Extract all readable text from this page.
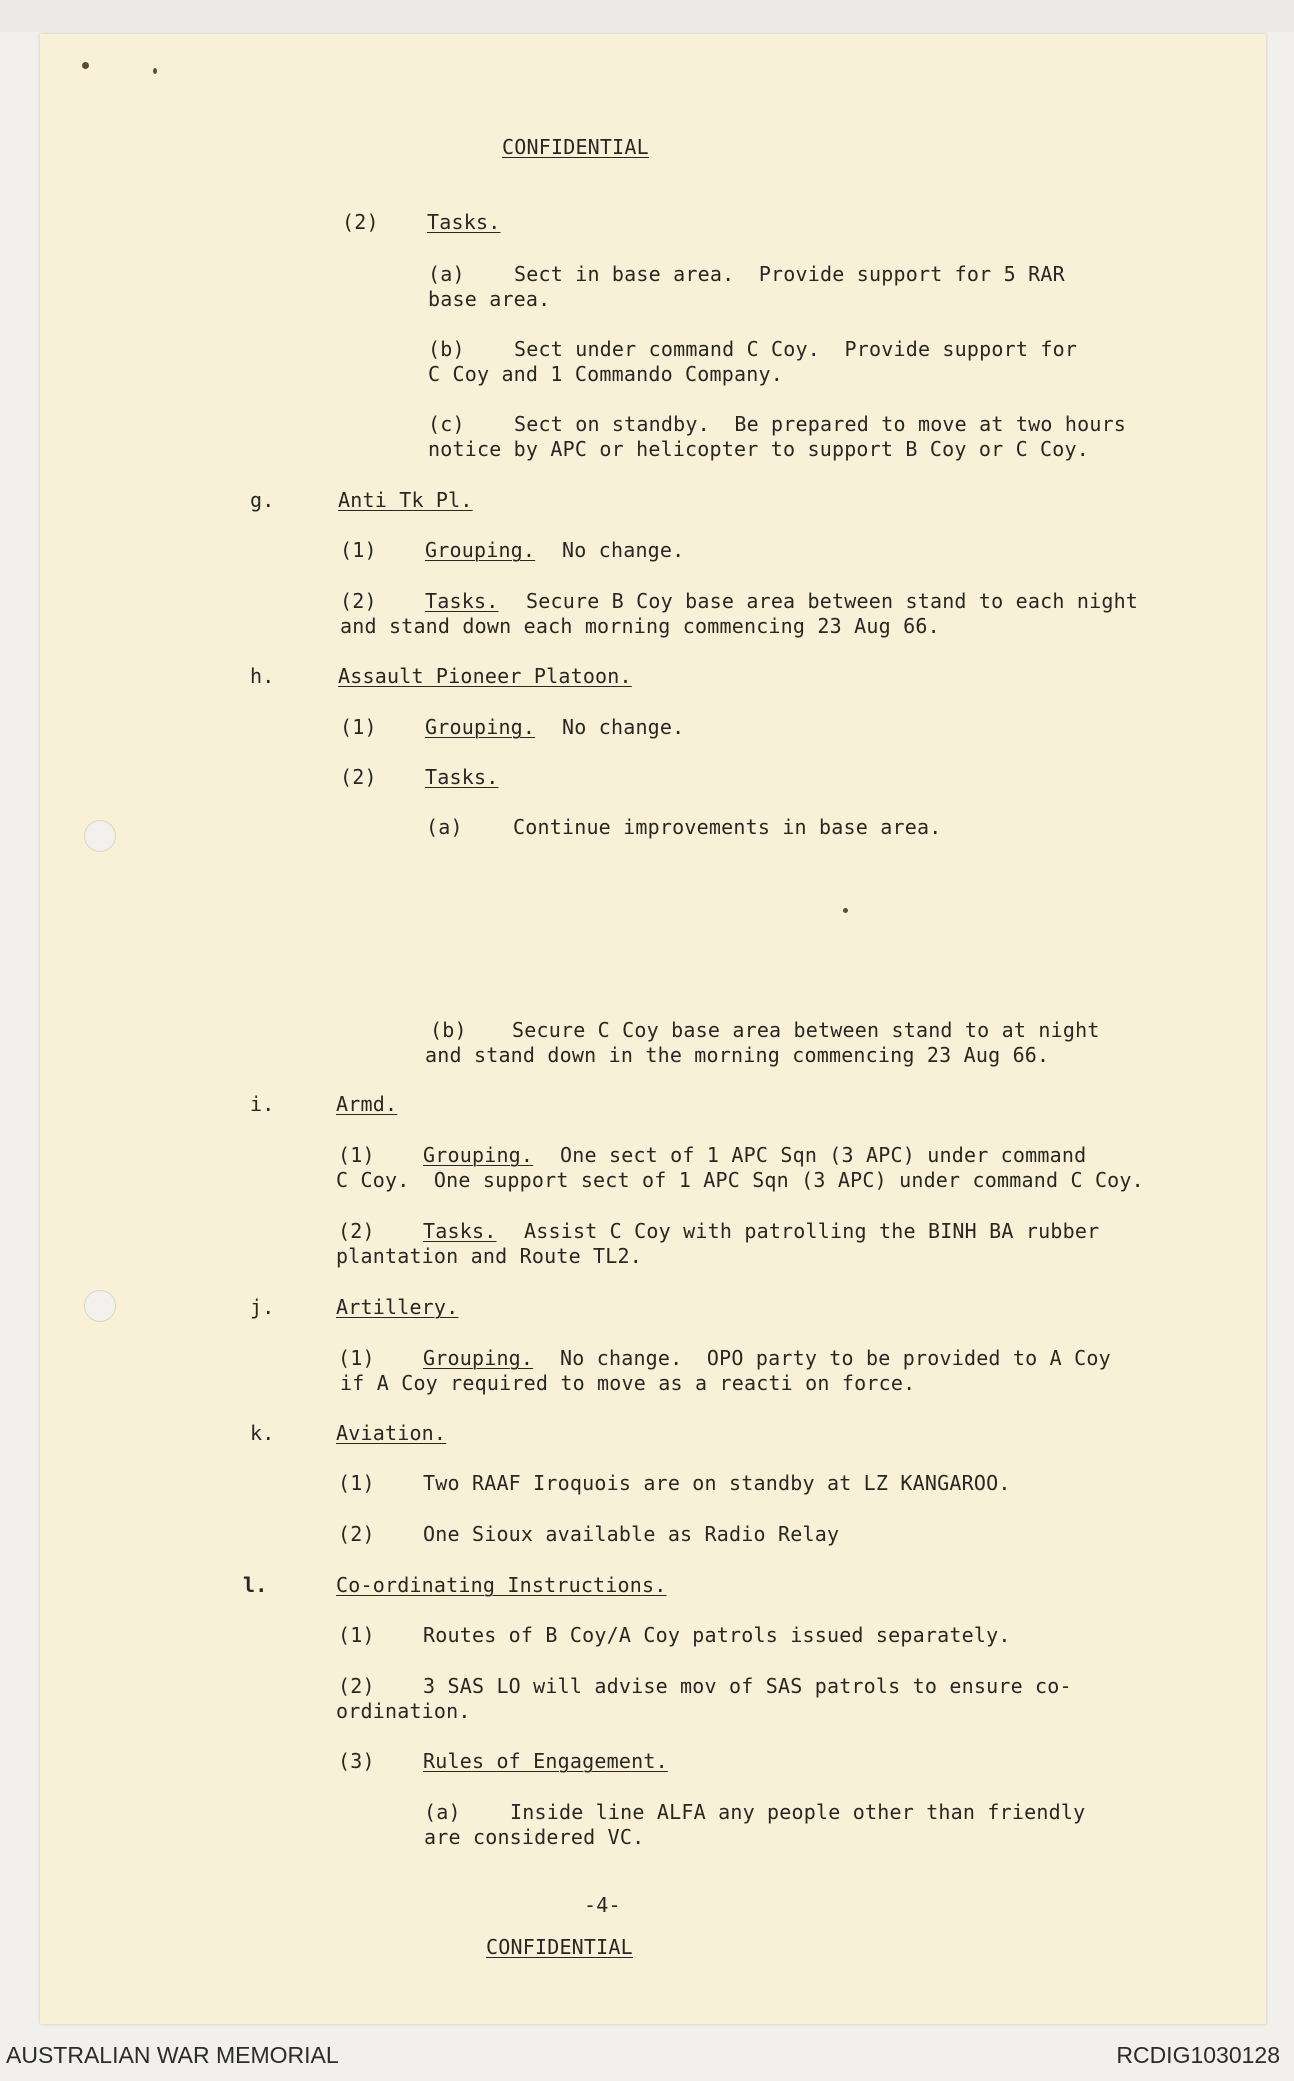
CONFIDENTIAL
(2) Tasks.
(a) Sect in base area.  Provide support for 5 RAR
base area.
(b) Sect under command C Coy.  Provide support for
C Coy and 1 Commando Company.
(c) Sect on standby.  Be prepared to move at two hours
notice by APC or helicopter to support B Coy or C Coy.
g.	Anti Tk Pl.
(1) Grouping. No change.
(2) Tasks. Secure B Coy base area between stand to each night
and stand down each morning commencing 23 Aug 66.
h.	Assault Pioneer Platoon.
(1) Grouping. No change.
(2) Tasks.
(a)	Continue improvements in base area.
(b) Secure C Coy base area between stand to at night
and stand down in the morning commencing 23 Aug 66.
i.	Armd.
(1) Grouping. One sect of 1 APC Sqn (3 APC) under command
C Coy.  One support sect of 1 APC Sqn (3 APC) under command C Coy.
(2) Tasks. Assist C Coy with patrolling the BINH BA rubber
plantation and Route TL2.
j.	Artillery.
(1) Grouping. No change.  OPO party to be provided to A Coy
if A Coy required to move as a reacti on force.
k.	Aviation.
(1) Two RAAF Iroquois are on standby at LZ KANGAROO.
(2) One Sioux available as Radio Relay
l.	Co-ordinating Instructions.
(1) Routes of B Coy/A Coy patrols issued separately.
(2) 3 SAS LO will advise mov of SAS patrols to ensure co-
ordination.
(3) Rules of Engagement.
(a) Inside line ALFA any people other than friendly
are considered VC.
-4-
CONFIDENTIAL
AUSTRALIAN WAR MEMORIAL	RCDIG1030128
